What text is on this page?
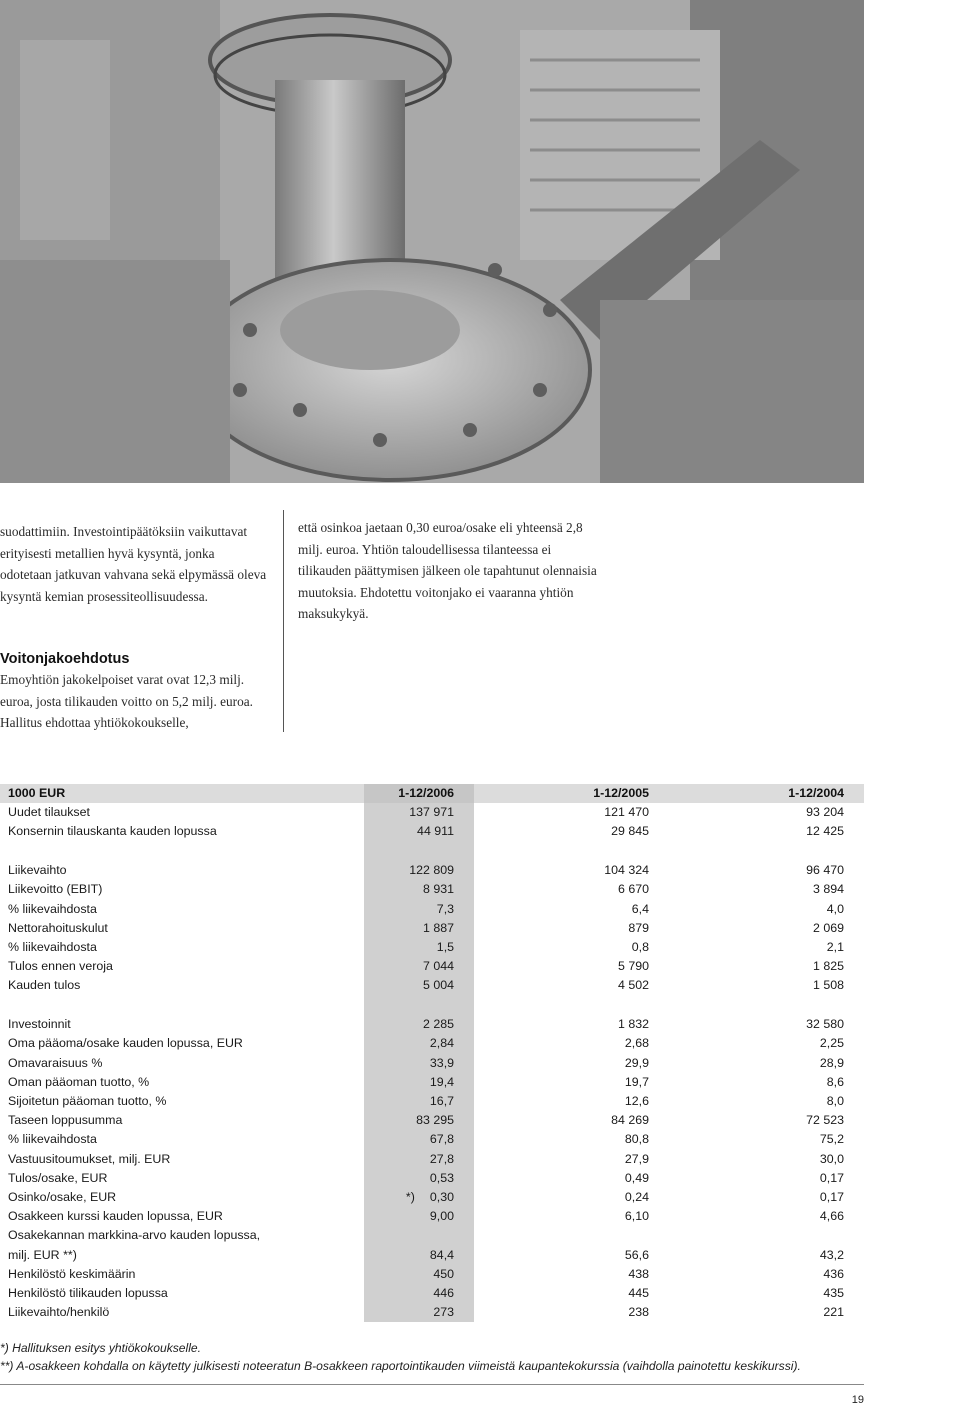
suodattimiin. Investointipäätöksiin vaikuttavat erityisesti metallien hyvä kysyntä, jonka odotetaan jatkuvan vahvana sekä elpymässä oleva kysyntä kemian prosessiteollisuudessa.

että osinkoa jaetaan 0,30 euroa/osake eli yhteensä 2,8 milj. euroa. Yhtiön taloudellisessa tilanteessa ei tilikauden päättymisen jälkeen ole tapahtunut olennaisia muutoksia. Ehdotettu voitonjako ei vaaranna yhtiön maksukykyä.

Voitonjakoehdotus

Emoyhtiön jakokelpoiset varat ovat 12,3 milj. euroa, josta tilikauden voitto on 5,2 milj. euroa. Hallitus ehdottaa yhtiökokoukselle,

1000 EUR	1-12/2006	1-12/2005	1-12/2004
Uudet tilaukset	137 971	121 470	93 204
Konsernin tilauskanta kauden lopussa	44 911	29 845	12 425

Liikevaihto	122 809	104 324	96 470
Liikevoitto (EBIT)	8 931	6 670	3 894
% liikevaihdosta	7,3	6,4	4,0
Nettorahoituskulut	1 887	879	2 069
% liikevaihdosta	1,5	0,8	2,1
Tulos ennen veroja	7 044	5 790	1 825
Kauden tulos	5 004	4 502	1 508

Investoinnit	2 285	1 832	32 580
Oma pääoma/osake kauden lopussa, EUR	2,84	2,68	2,25
Omavaraisuus %	33,9	29,9	28,9
Oman pääoman tuotto, %	19,4	19,7	8,6
Sijoitetun pääoman tuotto, %	16,7	12,6	8,0
Taseen loppusumma	83 295	84 269	72 523
% liikevaihdosta	67,8	80,8	75,2
Vastuusitoumukset, milj. EUR	27,8	27,9	30,0
Tulos/osake, EUR	0,53	0,49	0,17
Osinko/osake, EUR	*) 0,30	0,24	0,17
Osakkeen kurssi kauden lopussa, EUR	9,00	6,10	4,66
Osakekannan markkina-arvo kauden lopussa,			
milj. EUR **)	84,4	56,6	43,2
Henkilöstö keskimäärin	450	438	436
Henkilöstö tilikauden lopussa	446	445	435
Liikevaihto/henkilö	273	238	221

*) Hallituksen esitys yhtiökokoukselle.

**) A-osakkeen kohdalla on käytetty julkisesti noteeratun B-osakkeen raportointikauden viimeistä kaupantekokurssia (vaihdolla painotettu keskikurssi).

19
